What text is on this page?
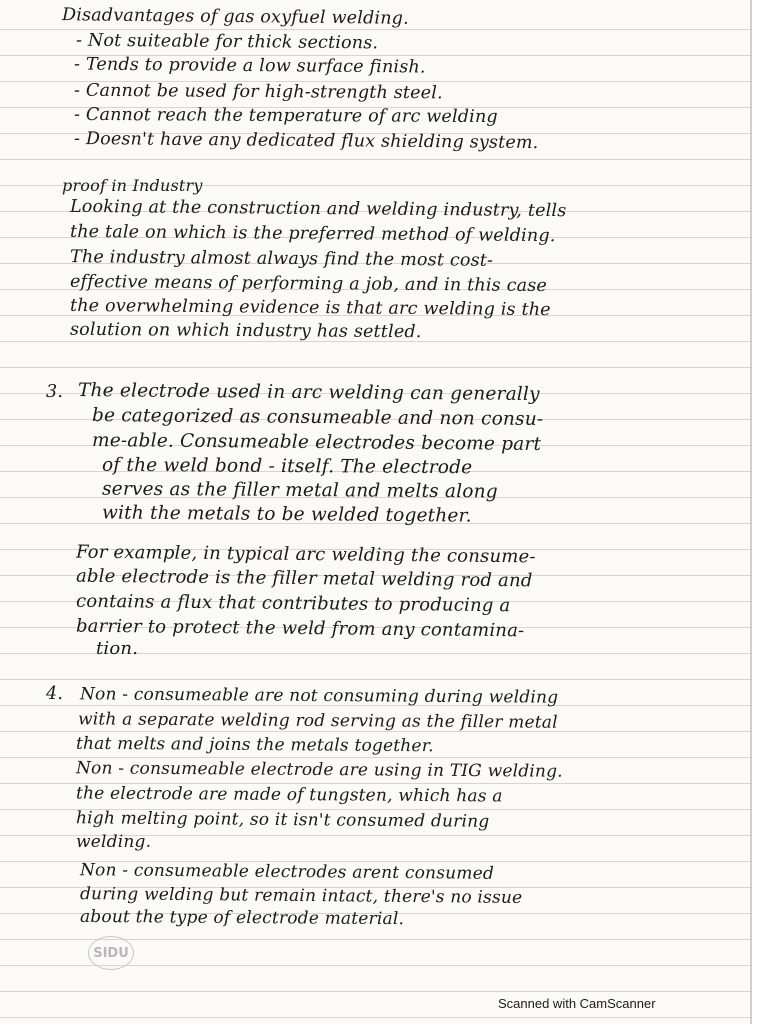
Disadvantages of gas oxyfuel welding.
- Not suiteable for thick sections.
- Tends to provide a low surface finish.
- Cannot be used for high-strength steel.
- Cannot reach the temperature of arc welding
- Doesn't have any dedicated flux shielding system.
proof in Industry
Looking at the construction and welding industry, tells
the tale on which is the preferred method of welding.
The industry almost always find the most cost-
effective means of performing a job, and in this case
the overwhelming evidence is that arc welding is the
solution on which industry has settled.
3. The electrode used in arc welding can generally
be categorized as consumeable and non consu-
me-able. Consumeable electrodes become part
of the weld bond - itself. The electrode
serves as the filler metal and melts along
with the metals to be welded together.
For example, in typical arc welding the consume-
able electrode is the filler metal welding rod and
contains a flux that contributes to producing a
barrier to protect the weld from any contamina-
tion.
4. Non - consumeable are not consuming during welding
with a separate welding rod serving as the filler metal
that melts and joins the metals together.
Non - consumeable electrode are using in TIG welding.
the electrode are made of tungsten, which has a
high melting point, so it isn't consumed during
welding.
Non - consumeable electrodes arent consumed
during welding but remain intact, there's no issue
about the type of electrode material.
SIDU
Scanned with CamScanner
